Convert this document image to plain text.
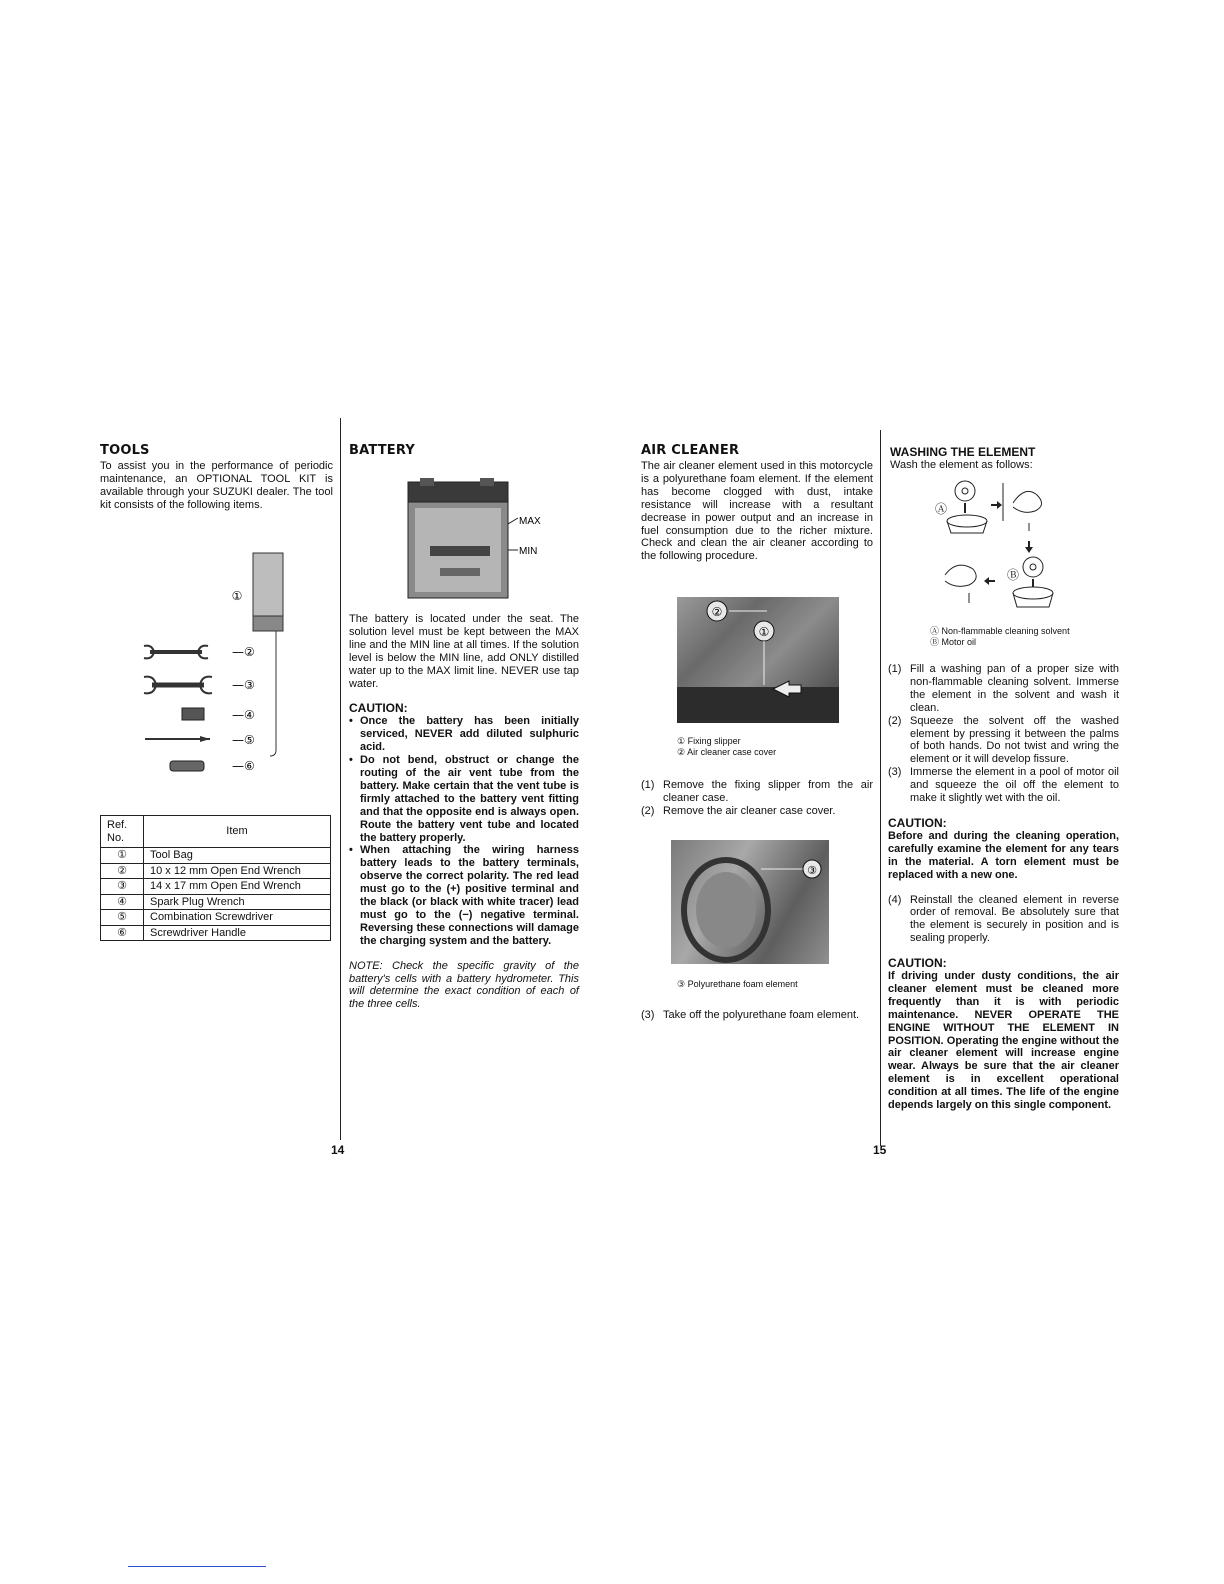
TOOLS
To assist you in the performance of periodic maintenance, an OPTIONAL TOOL KIT is available through your SUZUKI dealer. The tool kit consists of the following items.
①
—②
—③
—④
—⑤
—⑥
Ref. No.	Item
①	Tool Bag
②	10 x 12 mm Open End Wrench
③	14 x 17 mm Open End Wrench
④	Spark Plug Wrench
⑤	Combination Screwdriver
⑥	Screwdriver Handle
BATTERY
MAX
MIN

The battery is located under the seat. The solution level must be kept between the MAX line and the MIN line at all times. If the solution level is below the MIN line, add ONLY distilled water up to the MAX limit line. NEVER use tap water.

CAUTION:

• Once the battery has been initially serviced, NEVER add diluted sulphuric acid.
• Do not bend, obstruct or change the routing of the air vent tube from the battery. Make certain that the vent tube is firmly attached to the battery vent fitting and that the opposite end is always open. Route the battery vent tube and located the battery properly.
• When attaching the wiring harness battery leads to the battery terminals, observe the correct polarity. The red lead must go to the (+) positive terminal and the black (or black with white tracer) lead must go to the (−) negative terminal. Reversing these connections will damage the charging system and the battery.

NOTE: Check the specific gravity of the battery's cells with a battery hydrometer. This will determine the exact condition of each of the three cells.

14
AIR CLEANER
The air cleaner element used in this motorcycle is a polyurethane foam element. If the element has become clogged with dust, intake resistance will increase with a resultant decrease in power output and an increase in fuel consumption due to the richer mixture. Check and clean the air cleaner according to the following procedure.
②
①
① Fixing slipper
② Air cleaner case cover
(1) Remove the fixing slipper from the air cleaner case.
(2) Remove the air cleaner case cover.
③
③ Polyurethane foam element
(3) Take off the polyurethane foam element.
WASHING THE ELEMENT
Wash the element as follows:
Ⓐ
Ⓑ
Ⓐ Non-flammable cleaning solvent
Ⓑ Motor oil
(1) Fill a washing pan of a proper size with non-flammable cleaning solvent. Immerse the element in the solvent and wash it clean.
(2) Squeeze the solvent off the washed element by pressing it between the palms of both hands. Do not twist and wring the element or it will develop fissure.
(3) Immerse the element in a pool of motor oil and squeeze the oil off the element to make it slightly wet with the oil.

CAUTION:

Before and during the cleaning operation, carefully examine the element for any tears in the material. A torn element must be replaced with a new one.

(4) Reinstall the cleaned element in reverse order of removal. Be absolutely sure that the element is securely in position and is sealing properly.

CAUTION:

If driving under dusty conditions, the air cleaner element must be cleaned more frequently than it is with periodic maintenance. NEVER OPERATE THE ENGINE WITHOUT THE ELEMENT IN POSITION. Operating the engine without the air cleaner element will increase engine wear. Always be sure that the air cleaner element is in excellent operational condition at all times. The life of the engine depends largely on this single component.

15
